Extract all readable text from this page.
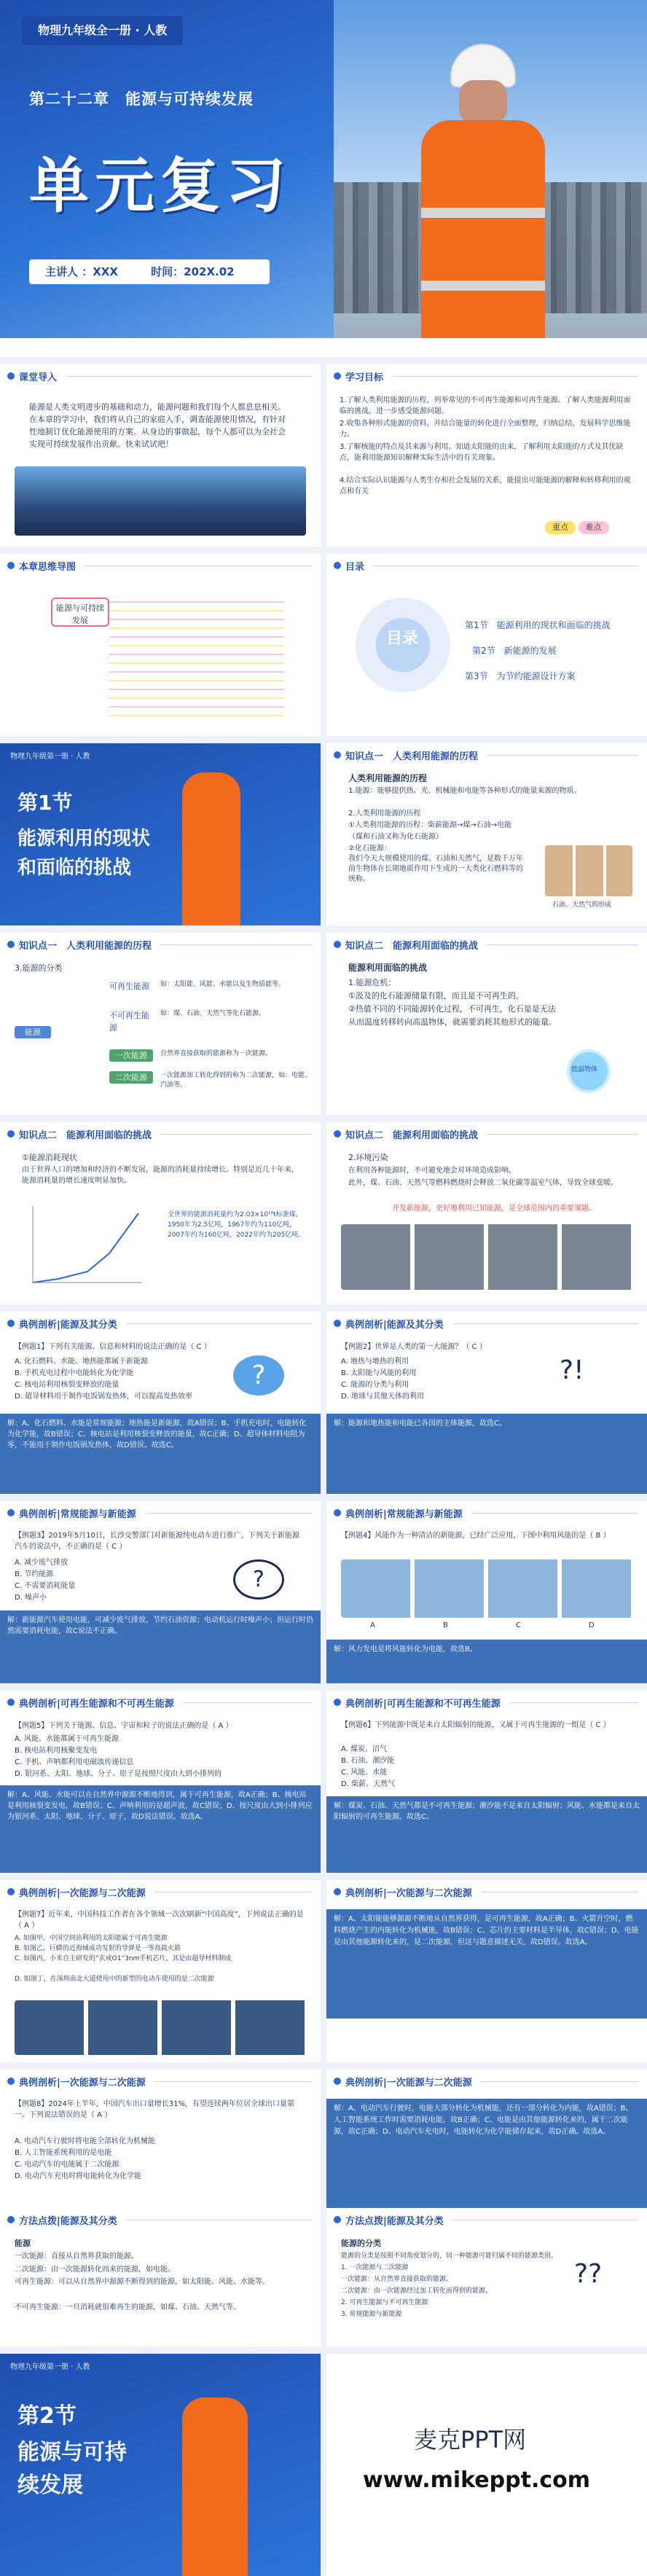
物理九年级全一册 · 人教
第二十二章　能源与可持续发展
单元复习
主讲人 ：XXX	时间：202X.02
课堂导入
能源是人类文明进步的基础和动力，能源问题和我们每个人都息息相关。在本章的学习中，我们将从自己的家庭入手，调查能源使用情况，有针对性地制订优化能源使用的方案。从身边的事做起，每个人都可以为全社会实现可持续发展作出贡献。快来试试吧！
学习目标
1.了解人类利用能源的历程，列举常见的不可再生能源和可再生能源。了解人类能源利用面临的挑战，进一步感受能源问题。
2.收集各种形式能源的资料，并结合能量的转化进行全面整理，归纳总结，发展科学思维能力。
3.了解核能的特点及其来源与利用。知道太阳能的由来，了解利用太阳能的方式及其优缺点，能利用能源知识解释实际生活中的有关现象。
4.结合实际认识能源与人类生存和社会发展的关系，能提出可能能源的解释和转移利用的观点和有关
重点 难点
本章思维导图
能源与可持续发展
目录
目录
第1节　能源利用的现状和面临的挑战
第2节　新能源的发展
第3节　为节约能源设计方案
物理九年级第一册 · 人教
第1节
能源利用的现状
和面临的挑战
知识点一　人类利用能源的历程
人类利用能源的历程
1.能源：能够提供热、光、机械能和电能等各种形式的能量来源的物质。
2.人类利用能源的历程
①人类利用能源的历程：柴薪能源→煤→石油→电能
（煤和石油又称为化石能源）
②化石能源：
我们今天大规模使用的煤、石油和天然气，是数千万年前生物体在长期地质作用下生成的一大类化石燃料等的统称。
石油、天然气的形成
知识点一　人类利用能源的历程
3.能源的分类
能源
可再生能源
不可再生能源
一次能源
二次能源
如：太阳能、风能、水能以及生物质能等。
如：煤、石油、天然气等化石能源。
自然界直接获取的能源称为一次能源。
一次能源加工转化得到的称为二次能源，如：电能、汽油等。
知识点二　能源利用面临的挑战
能源利用面临的挑战
1.能源危机：
①汲及的化石能源储量有限，而且是不可再生的。
②热值不同的不同能源转化过程，不可再生，化石是是无法
从而温度转移转向高温物体，就需要消耗其他形式的能量。
低温物体
知识点二　能源利用面临的挑战
①能源消耗现状
由于世界人口的增加和经济的不断发展，能源的消耗量持续增长。特别是近几十年来，能源消耗量的增长速度明显加快。
全世界的能源消耗量约为2.03×10¹⁰t标准煤，1950年为2.5亿吨，1967年约为110亿吨，2007年约为160亿吨，2022年约为205亿吨。
知识点二　能源利用面临的挑战
2.环境污染
在利用各种能源时，不可避免地会对环境造成影响。
此外，煤、石油、天然气等燃料燃烧时会释放二氧化碳等温室气体，导致全球变暖。
开发新能源，更好地利用已知能源，是全球范围内的重要课题。
典例剖析|能源及其分类
【例题1】下列有关能源、信息和材料的说法正确的是（ C ）
A. 化石燃料、水能、地热能都属于新能源
B. 手机充电过程中电能转化为化学能
C. 核电站利用核裂变释放的能量
D. 超导材料用于制作电饭锅发热体，可以提高发热效率
?
解：A、化石燃料、水能是常规能源；地热能是新能源，故A错误；B、手机充电时，电能转化为化学能，故B错误；C、核电站是利用核裂变释放的能量，故C正确；D、超导体材料电阻为零，不能用于制作电饭锅发热体，故D错误。故选C。
典例剖析|能源及其分类
【例题2】世界是人类的第一大能源？（ C ）
A. 地热与地热的利用
B. 太阳能与风能的利用
C. 能源的分类与利用
D. 地球与其他天体的利用
?!
解：能源和地热能和电能已各国的主体能源，故选C。
典例剖析|常规能源与新能源
【例题3】2019年5月10日，长沙交警部门对新能源纯电动车进行推广，下列关于新能源汽车的说法中，不正确的是（ C ）
A. 减少废气排放
B. 节约能源
C. 不需要消耗能量
D. 噪声小
?
解：新能源汽车使用电能，可减少废气排放，节约石油资源；电动机运行时噪声小；但运行时仍然需要消耗电能，故C说法不正确。
典例剖析|常规能源与新能源
【例题4】风能作为一种清洁的新能源，已经广泛应用，下图中利用风能的是（ B ）
A	B	C	D
解：风力发电是将风能转化为电能，故选B。
典例剖析|可再生能源和不可再生能源
【例题5】下列关于能源、信息、宇宙和粒子的说法正确的是（ A ）
A. 风能、水能都属于可再生能源
B. 核电站利用核聚变发电
C. 手机、声呐都利用电磁波传递信息
D. 银河系、太阳、地球、分子、原子是按照尺度由大到小排列的
解：A、风能、水能可以在自然界中源源不断地得到，属于可再生能源，故A正确；B、核电站是利用核裂变发电，故B错误；C、声呐利用的是超声波，故C错误；D、按尺度由大到小排列应为银河系、太阳、地球、分子、原子，故D说法错误。故选A。
典例剖析|可再生能源和不可再生能源
【例题6】下列能源中既是来自太阳辐射的能源，又属于可再生能源的一组是（ C ）
A. 煤炭、沼气
B. 石油、潮汐能
C. 风能、水能
D. 柴薪、天然气
解：煤炭、石油、天然气都是不可再生能源；潮汐能不是来自太阳辐射；风能、水能都是来自太阳辐射的可再生能源。故选C。
典例剖析|一次能源与二次能源
【例题7】近年来，中国科技工作者在各个领域一次次刷新“中国高度”，下列说法正确的是（ A ）
A. 如图甲，中国空间站利用的太阳能属于可再生能源
B. 如图乙，巨蟒的近海域成功发射的导弹是一等高载火箭
C. 如图丙，小米自主研发的“玄戒O1”3nm手机芯片，其是由超导材料制成
D. 如图丁，在深圳南北大道使用中的新型的电动车使用的是二次能源
典例剖析|一次能源与二次能源
解：A、太阳能能够源源不断地从自然界获得，是可再生能源，故A正确；B、火箭升空时，燃料燃烧产生的内能转化为机械能，故B错误；C、芯片的主要材料是半导体，故C错误；D、电能是由其他能源转化来的，是二次能源，但这与题意描述无关，故D错误。故选A。
典例剖析|一次能源与二次能源
【例题8】2024年上半年，中国汽车出口量增长31%，有望连续两年位居全球出口量第一。下列说法错误的是（ A ）
A. 电动汽车行驶时将电能全部转化为机械能
B. 人工智能系统利用的是电能
C. 电动汽车的电能属于二次能源
D. 电动汽车充电时将电能转化为化学能
典例剖析|一次能源与二次能源
解：A、电动汽车行驶时，电能大部分转化为机械能，还有一部分转化为内能，故A错误；B、人工智能系统工作时需要消耗电能，故B正确；C、电能是由其他能源转化来的，属于二次能源，故C正确；D、电动汽车充电时，电能转化为化学能储存起来，故D正确。故选A。
方法点拨|能源及其分类
能源
一次能源：直接从自然界获取的能源。
二次能源：由一次能源转化而来的能源，如电能。
可再生能源：可以从自然界中源源不断得到的能源，如太阳能、风能、水能等。
不可再生能源：一旦消耗就很难再生的能源，如煤、石油、天然气等。
方法点拨|能源及其分类
能源的分类
能源的分类是按照不同角度划分的，同一种能源可能归属不同的能源类别。
1. 一次能源与二次能源
一次能源：从自然界直接获取的能源。
二次能源：由一次能源经过加工转化而得到的能源。
2. 可再生能源与不可再生能源
3. 常规能源与新能源
??
物理九年级第一册 · 人教
第2节
能源与可持
续发展
麦克PPT网
www.mikeppt.com
